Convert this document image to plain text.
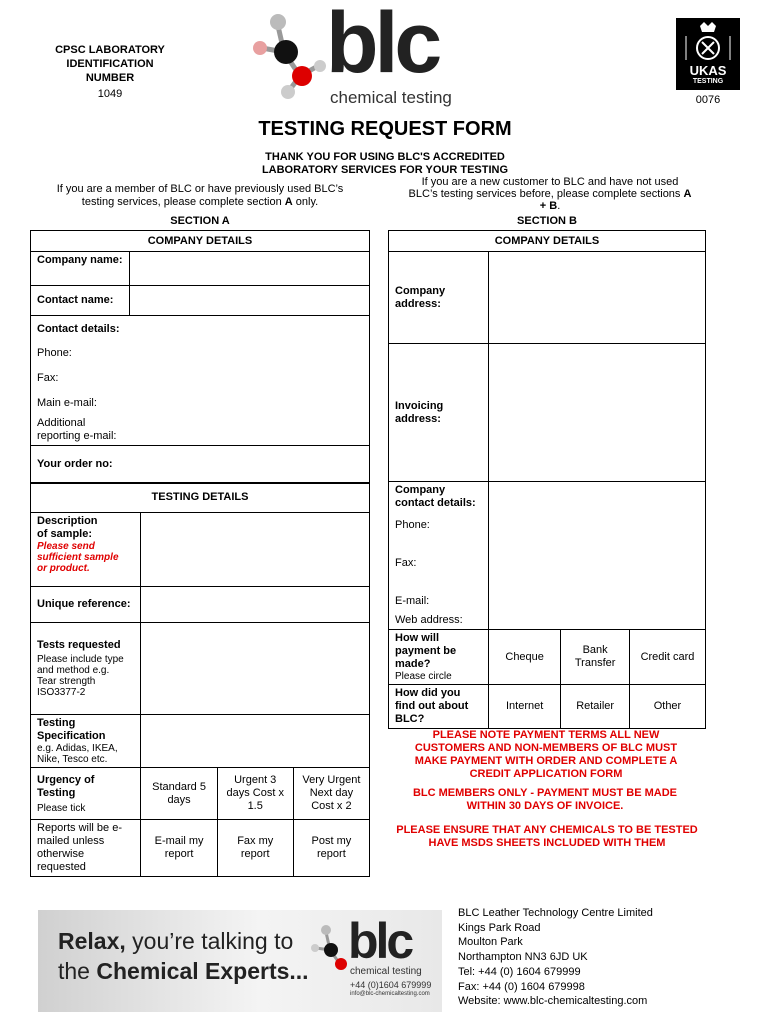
CPSC LABORATORY
IDENTIFICATION
NUMBER
1049
blc
chemical testing
UKAS
TESTING
0076
TESTING REQUEST FORM
THANK YOU FOR USING BLC'S ACCREDITED
LABORATORY SERVICES FOR YOUR TESTING
If you are a member of BLC or have previously used BLC’s
testing services, please complete section A only.
If you are a new customer to BLC and have not used
BLC’s testing services before, please complete sections A
+ B.
SECTION A	SECTION B
COMPANY DETAILS	
Company name:	
Contact name:	

Contact details:
Phone:
Fax:
Main e-mail:
Additional reporting e-mail:	

Your order no:	
TESTING DETAILS			

Description of sample:
Please send sufficient sample or product.			

Unique reference:			

Tests requested
Please include type and method e.g. Tear strength ISO3377-2			

Testing Specification
e.g. Adidas, IKEA, Nike, Tesco etc.			

Urgency of Testing
Please tick	Standard 5 days	Urgent 3 days Cost x 1.5	Very Urgent Next day Cost x 2
Reports will be e-mailed unless otherwise requested	E-mail my report	Fax my report	Post my report
COMPANY DETAILS			
Company address:			
Invoicing address:			

Company contact details:
Phone:
Fax:
E-mail:
Web address:			

How will payment be made?
Please circle	Cheque	Bank Transfer	Credit card
How did you find out about BLC?	Internet	Retailer	Other
PLEASE NOTE PAYMENT TERMS ALL NEW CUSTOMERS AND NON-MEMBERS OF BLC MUST MAKE PAYMENT WITH ORDER AND COMPLETE A CREDIT APPLICATION FORM
BLC MEMBERS ONLY - PAYMENT MUST BE MADE WITHIN 30 DAYS OF INVOICE.
PLEASE ENSURE THAT ANY CHEMICALS TO BE TESTED HAVE MSDS SHEETS INCLUDED WITH THEM
Relax, you’re talking to
the Chemical Experts...
blc
chemical testing
+44 (0)1604 679999
info@blc-chemicaltesting.com
BLC Leather Technology Centre Limited
Kings Park Road
Moulton Park
Northampton NN3 6JD UK
Tel: +44 (0) 1604 679999
Fax: +44 (0) 1604 679998
Website: www.blc-chemicaltesting.com
